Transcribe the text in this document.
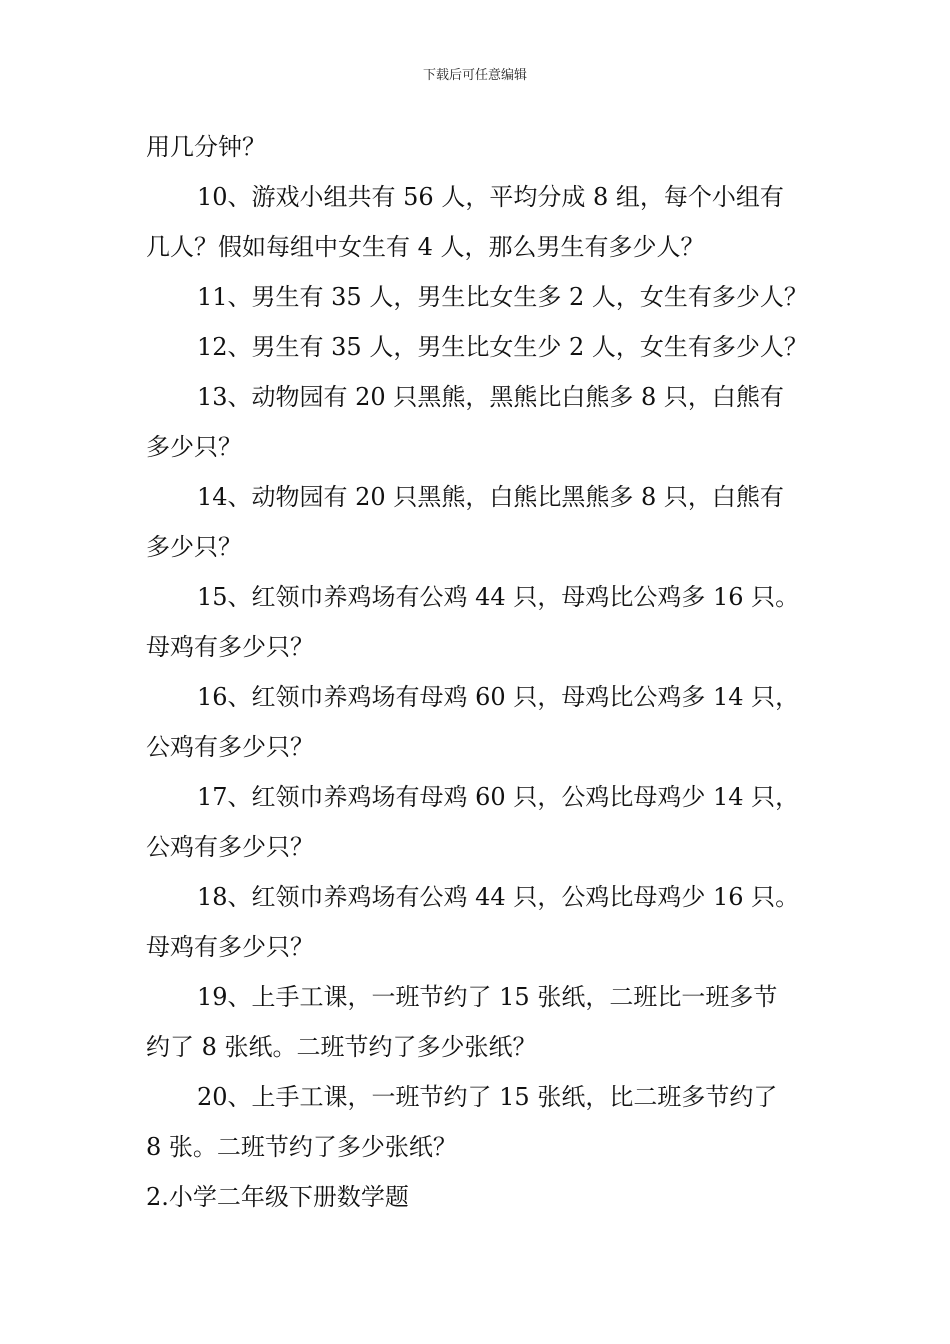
下载后可任意编辑
用几分钟？
10、游戏小组共有 56 人，平均分成 8 组，每个小组有
几人？假如每组中女生有 4 人，那么男生有多少人？
11、男生有 35 人，男生比女生多 2 人，女生有多少人？
12、男生有 35 人，男生比女生少 2 人，女生有多少人？
13、动物园有 20 只黑熊，黑熊比白熊多 8 只，白熊有
多少只？
14、动物园有 20 只黑熊，白熊比黑熊多 8 只，白熊有
多少只？
15、红领巾养鸡场有公鸡 44 只，母鸡比公鸡多 16 只。
母鸡有多少只？
16、红领巾养鸡场有母鸡 60 只，母鸡比公鸡多 14 只，
公鸡有多少只？
17、红领巾养鸡场有母鸡 60 只，公鸡比母鸡少 14 只，
公鸡有多少只？
18、红领巾养鸡场有公鸡 44 只，公鸡比母鸡少 16 只。
母鸡有多少只？
19、上手工课，一班节约了 15 张纸，二班比一班多节
约了 8 张纸。二班节约了多少张纸？
20、上手工课，一班节约了 15 张纸，比二班多节约了
8 张。二班节约了多少张纸？
2.小学二年级下册数学题
